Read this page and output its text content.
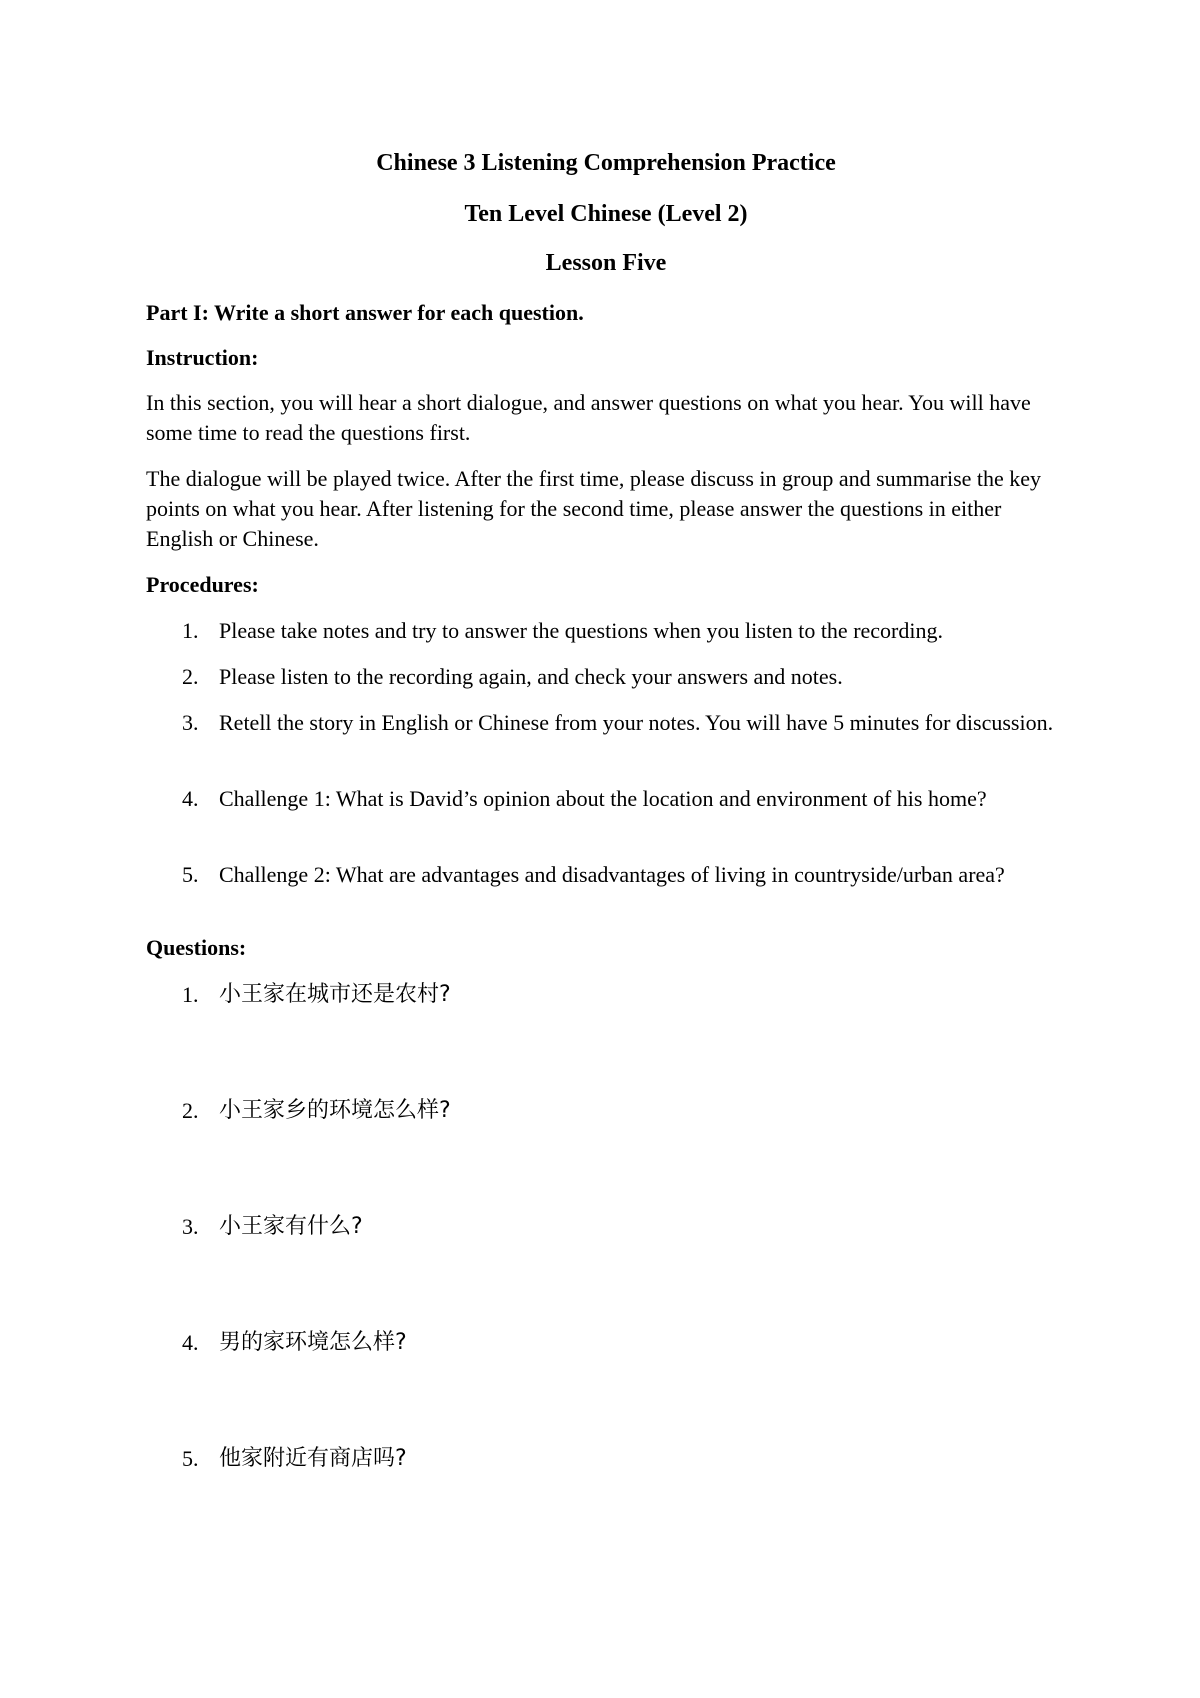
Chinese 3 Listening Comprehension Practice
Ten Level Chinese (Level 2)
Lesson Five

Part I: Write a short answer for each question.

Instruction:

In this section, you will hear a short dialogue, and answer questions on what you hear. You will have some time to read the questions first.

The dialogue will be played twice. After the first time, please discuss in group and summarise the key points on what you hear. After listening for the second time, please answer the questions in either English or Chinese.

Procedures:

1. Please take notes and try to answer the questions when you listen to the recording.
2. Please listen to the recording again, and check your answers and notes.
3. Retell the story in English or Chinese from your notes. You will have 5 minutes for discussion.
4. Challenge 1: What is David’s opinion about the location and environment of his home?
5. Challenge 2: What are advantages and disadvantages of living in countryside/urban area?

Questions:

1. 小王家在城市还是农村?
2. 小王家乡的环境怎么样?
3. 小王家有什么?
4. 男的家环境怎么样?
5. 他家附近有商店吗?
